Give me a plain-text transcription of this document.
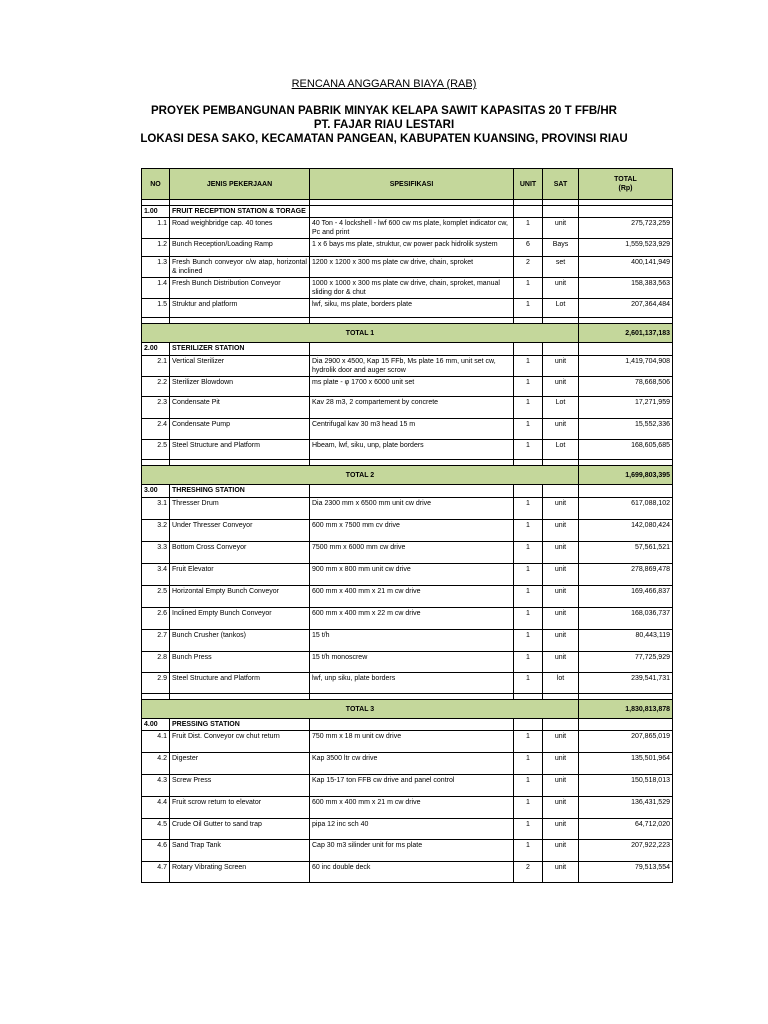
RENCANA ANGGARAN BIAYA (RAB)
PROYEK PEMBANGUNAN PABRIK MINYAK KELAPA SAWIT KAPASITAS 20 T FFB/HR
PT. FAJAR RIAU LESTARI
LOKASI DESA SAKO, KECAMATAN PANGEAN, KABUPATEN KUANSING, PROVINSI RIAU
NO	JENIS PEKERJAAN	SPESIFIKASI	UNIT	SAT	TOTAL
(Rp)

1.00	FRUIT RECEPTION STATION & TORAGE				
1.1	Road weighbridge cap. 40 tones	40 Ton - 4 lockshell - lwf 600 cw ms plate, komplet indicator cw, Pc and print	1	unit	275,723,259
1.2	Bunch Reception/Loading Ramp	1 x 6 bays ms plate, struktur, cw power pack hidrolik system	6	Bays	1,559,523,929
1.3	Fresh Bunch conveyor c/w atap, horizontal & inclined	1200 x 1200 x 300 ms plate cw drive, chain, sproket	2	set	400,141,949
1.4	Fresh Bunch Distribution Conveyor	1000 x 1000 x 300 ms plate cw drive, chain, sproket, manual sliding dor & chut	1	unit	158,383,563
1.5	Struktur and platform	lwf, siku, ms plate, borders plate	1	Lot	207,364,484

TOTAL 1					2,601,137,183
2.00	STERILIZER STATION				
2.1	Vertical Sterilizer	Dia 2900 x 4500, Kap 15 FFb, Ms plate 16 mm, unit set cw, hydrolik door and auger scrow	1	unit	1,419,704,908
2.2	Sterilizer Blowdown	ms plate - φ 1700 x 6000 unit set	1	unit	78,668,506
2.3	Condensate Pit	Kav 28 m3, 2 compartement by concrete	1	Lot	17,271,959
2.4	Condensate Pump	Centrifugal kav 30 m3 head 15 m	1	unit	15,552,336
2.5	Steel Structure and Platform	Hbeam, lwf, siku, unp, plate borders	1	Lot	168,605,685

TOTAL 2					1,699,803,395
3.00	THRESHING STATION				
3.1	Thresser Drum	Dia 2300 mm x 6500 mm unit cw drive	1	unit	617,088,102
3.2	Under Thresser Conveyor	600 mm x 7500 mm cv drive	1	unit	142,080,424
3.3	Bottom Cross Conveyor	7500 mm x 6000 mm cw drive	1	unit	57,561,521
3.4	Fruit Elevator	900 mm x 800 mm unit cw drive	1	unit	278,869,478
2.5	Horizontal Empty Bunch Conveyor	600 mm x 400 mm x 21 m cw drive	1	unit	169,466,837
2.6	Inclined Empty Bunch Conveyor	600 mm x 400 mm x 22 m cw drive	1	unit	168,036,737
2.7	Bunch Crusher (tankos)	15 t/h	1	unit	80,443,119
2.8	Bunch Press	15 t/h monoscrew	1	unit	77,725,929
2.9	Steel Structure and Platform	lwf, unp siku, plate borders	1	lot	239,541,731

TOTAL 3					1,830,813,878
4.00	PRESSING STATION				
4.1	Fruit Dist. Conveyor cw chut return	750 mm x 18 m unit cw drive	1	unit	207,865,019
4.2	Digester	Kap 3500 ltr cw drive	1	unit	135,501,964
4.3	Screw Press	Kap 15-17 ton FFB cw drive and panel control	1	unit	150,518,013
4.4	Fruit scrow return to elevator	600 mm x 400 mm x 21 m cw drive	1	unit	136,431,529
4.5	Crude Oil Gutter to sand trap	pipa 12 inc sch 40	1	unit	64,712,020
4.6	Sand Trap Tank	Cap 30 m3 silinder unit for ms plate	1	unit	207,922,223
4.7	Rotary Vibrating Screen	60 inc double deck	2	unit	79,513,554
